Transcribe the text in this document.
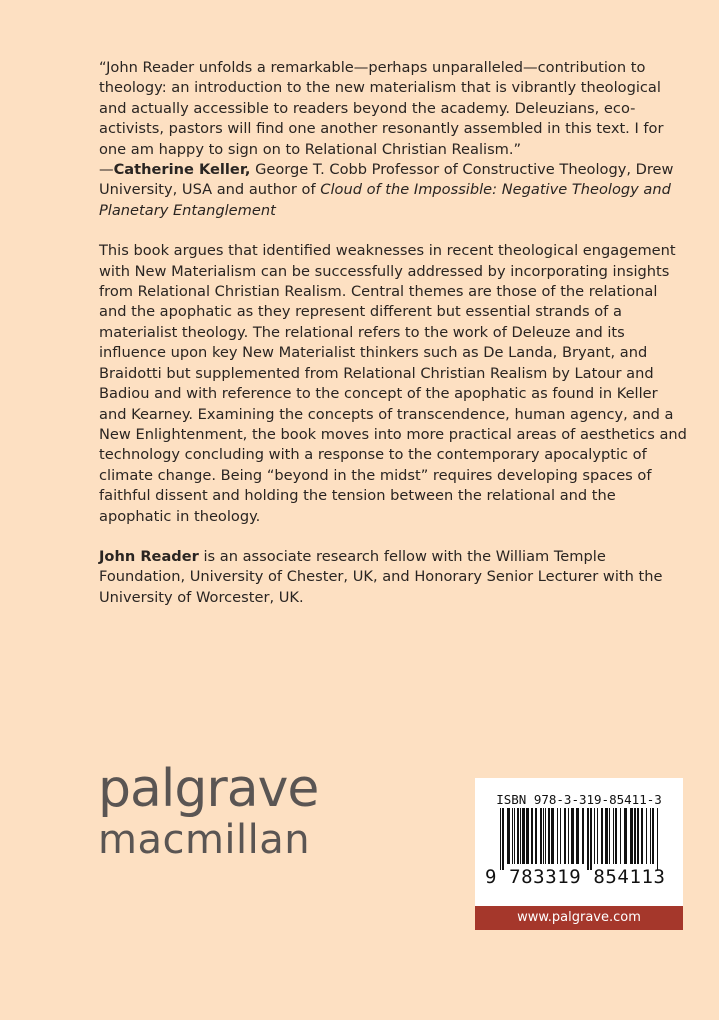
“John Reader unfolds a remarkable—perhaps unparalleled—contribution to theology: an introduction to the new materialism that is vibrantly theological and actually accessible to readers beyond the academy. Deleuzians, eco-activists, pastors will find one another resonantly assembled in this text. I for one am happy to sign on to Relational Christian Realism.”
—Catherine Keller, George T. Cobb Professor of Constructive Theology, Drew University, USA and author of Cloud of the Impossible: Negative Theology and Planetary Entanglement

This book argues that identified weaknesses in recent theological engagement with New Materialism can be successfully addressed by incorporating insights from Relational Christian Realism. Central themes are those of the relational and the apophatic as they represent different but essential strands of a materialist theology. The relational refers to the work of Deleuze and its influence upon key New Materialist thinkers such as De Landa, Bryant, and Braidotti but supplemented from Relational Christian Realism by Latour and Badiou and with reference to the concept of the apophatic as found in Keller and Kearney. Examining the concepts of transcendence, human agency, and a New Enlightenment, the book moves into more practical areas of aesthetics and technology concluding with a response to the contemporary apocalyptic of climate change. Being “beyond in the midst” requires developing spaces of faithful dissent and holding the tension between the relational and the apophatic in theology.

John Reader is an associate research fellow with the William Temple Foundation, University of Chester, UK, and Honorary Senior Lecturer with the University of Worcester, UK.

palgrave
macmillan
ISBN 978-3-319-85411-3
9 783319 854113
www.palgrave.com
